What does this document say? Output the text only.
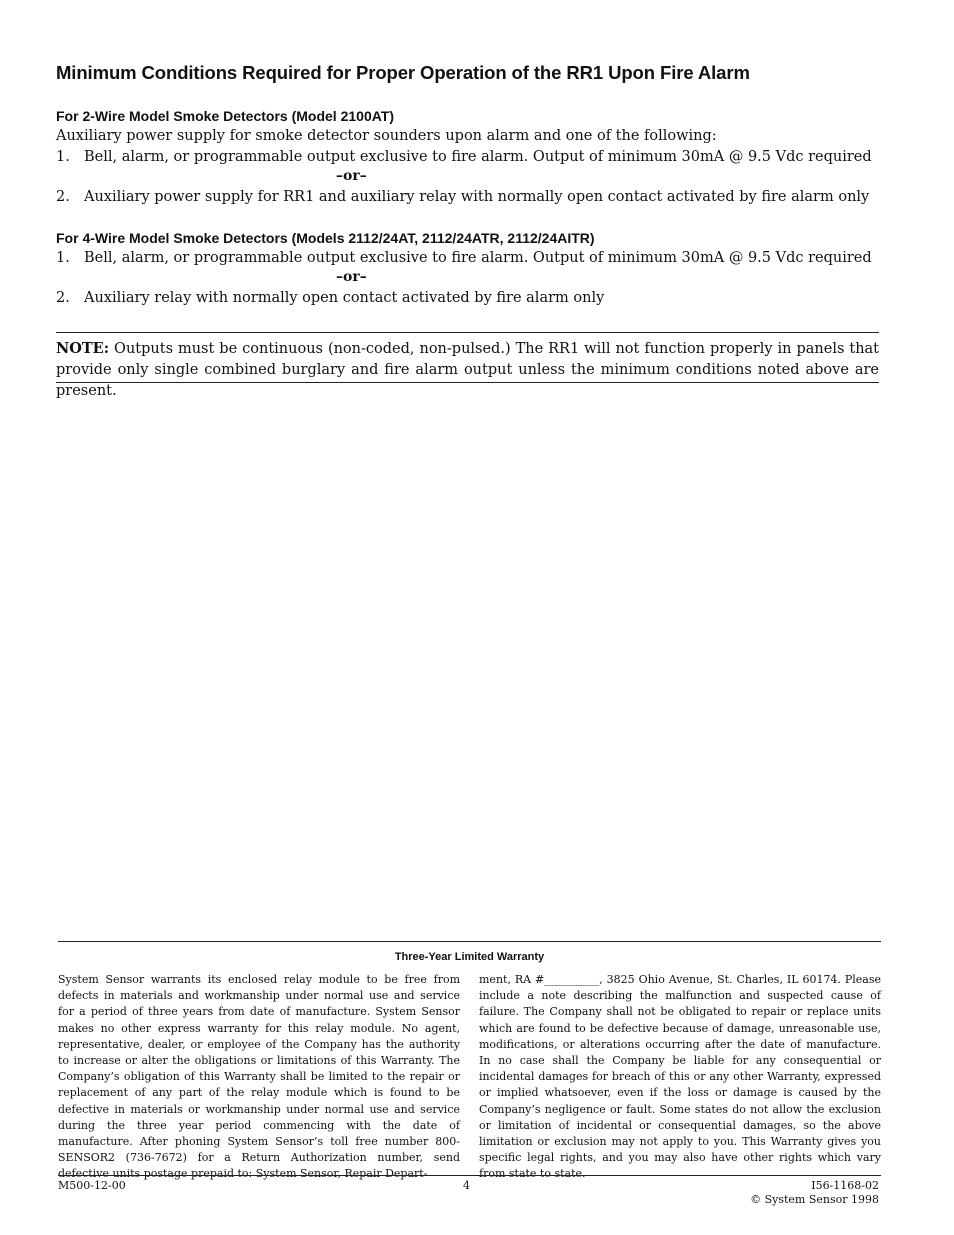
Minimum Conditions Required for Proper Operation of the RR1 Upon Fire Alarm
For 2-Wire Model Smoke Detectors (Model 2100AT)
Auxiliary power supply for smoke detector sounders upon alarm and one of the following:
1. Bell, alarm, or programmable output exclusive to fire alarm. Output of minimum 30mA @ 9.5 Vdc required
–or–
2. Auxiliary power supply for RR1 and auxiliary relay with normally open contact activated by fire alarm only
For 4-Wire Model Smoke Detectors (Models 2112/24AT, 2112/24ATR, 2112/24AITR)
1. Bell, alarm, or programmable output exclusive to fire alarm. Output of minimum 30mA @ 9.5 Vdc required
–or–
2. Auxiliary relay with normally open contact activated by fire alarm only
NOTE: Outputs must be continuous (non-coded, non-pulsed.) The RR1 will not function properly in panels that provide only single combined burglary and fire alarm output unless the minimum conditions noted above are present.
Three-Year Limited Warranty
System Sensor warrants its enclosed relay module to be free from defects in materials and workmanship under normal use and service for a period of three years from date of manufacture. System Sensor makes no other express warranty for this relay module. No agent, representative, dealer, or employee of the Company has the authority to increase or alter the obligations or limitations of this Warranty. The Company’s obligation of this Warranty shall be limited to the repair or replacement of any part of the relay module which is found to be defective in materials or workmanship under normal use and service during the three year period commencing with the date of manufacture. After phoning System Sensor’s toll free number 800-SENSOR2 (736-7672) for a Return Authorization number, send defective units postage prepaid to: System Sensor, Repair Depart-
ment, RA #__________, 3825 Ohio Avenue, St. Charles, IL 60174. Please include a note describing the malfunction and suspected cause of failure. The Company shall not be obligated to repair or replace units which are found to be defective because of damage, unreasonable use, modifications, or alterations occurring after the date of manufacture. In no case shall the Company be liable for any consequential or incidental damages for breach of this or any other Warranty, expressed or implied whatsoever, even if the loss or damage is caused by the Company’s negligence or fault. Some states do not allow the exclusion or limitation of incidental or consequential damages, so the above limitation or exclusion may not apply to you. This Warranty gives you specific legal rights, and you may also have other rights which vary from state to state.
M500-12-00	4	I56-1168-02
© System Sensor 1998
